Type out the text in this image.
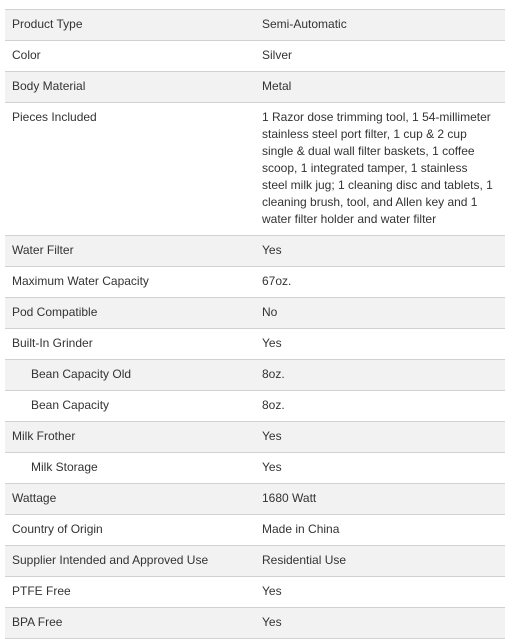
Product Type	Semi-Automatic
Color	Silver
Body Material	Metal
Pieces Included	1 Razor dose trimming tool, 1 54-millimeter stainless steel port filter, 1 cup & 2 cup single & dual wall filter baskets, 1 coffee scoop, 1 integrated tamper, 1 stainless steel milk jug; 1 cleaning disc and tablets, 1 cleaning brush, tool, and Allen key and 1 water filter holder and water filter
Water Filter	Yes
Maximum Water Capacity	67oz.
Pod Compatible	No
Built-In Grinder	Yes
Bean Capacity Old	8oz.
Bean Capacity	8oz.
Milk Frother	Yes
Milk Storage	Yes
Wattage	1680 Watt
Country of Origin	Made in China
Supplier Intended and Approved Use	Residential Use
PTFE Free	Yes
BPA Free	Yes
